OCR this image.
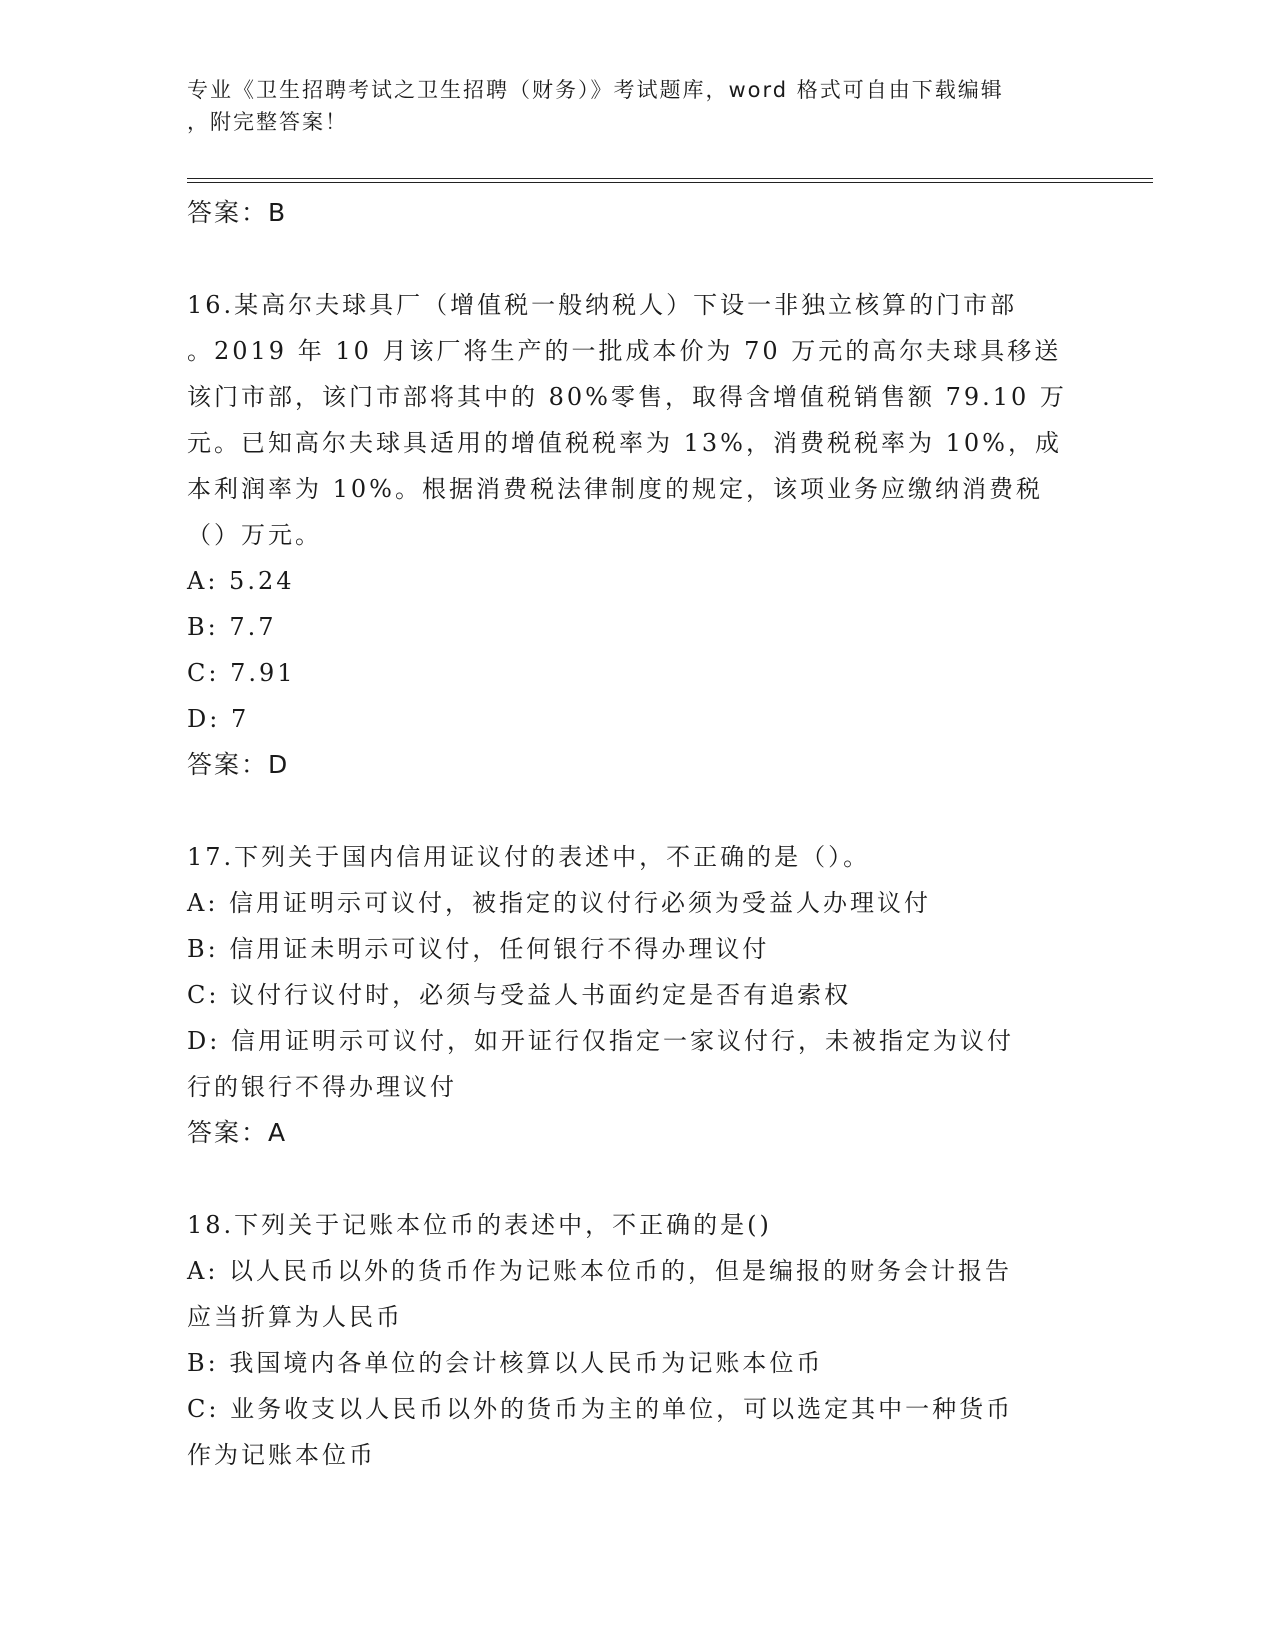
专业《卫生招聘考试之卫生招聘（财务）》考试题库，word 格式可自由下载编辑

，附完整答案！

答案：B

16.某高尔夫球具厂（增值税一般纳税人）下设一非独立核算的门市部

。2019 年 10 月该厂将生产的一批成本价为 70 万元的高尔夫球具移送

该门市部，该门市部将其中的 80%零售，取得含增值税销售额 79.10 万

元。已知高尔夫球具适用的增值税税率为 13%，消费税税率为 10%，成

本利润率为 10%。根据消费税法律制度的规定，该项业务应缴纳消费税

（）万元。

A: 5.24

B: 7.7

C: 7.91

D: 7

答案：D

17.下列关于国内信用证议付的表述中，不正确的是（）。

A: 信用证明示可议付，被指定的议付行必须为受益人办理议付

B: 信用证未明示可议付，任何银行不得办理议付

C: 议付行议付时，必须与受益人书面约定是否有追索权

D: 信用证明示可议付，如开证行仅指定一家议付行，未被指定为议付

行的银行不得办理议付

答案：A

18.下列关于记账本位币的表述中，不正确的是()

A: 以人民币以外的货币作为记账本位币的，但是编报的财务会计报告

应当折算为人民币

B: 我国境内各单位的会计核算以人民币为记账本位币

C: 业务收支以人民币以外的货币为主的单位，可以选定其中一种货币

作为记账本位币
